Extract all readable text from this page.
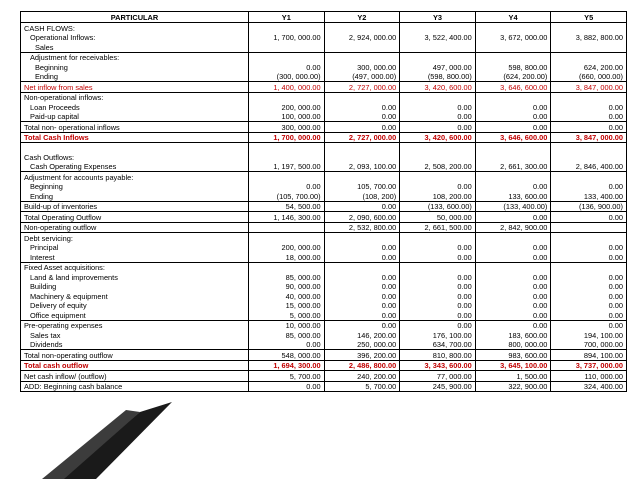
PARTICULAR	Y1	Y2	Y3	Y4	Y5
CASH FLOWS:					
Operational Inflows:	1, 700, 000.00	2, 924, 000.00	3, 522, 400.00	3, 672, 000.00	3, 882, 800.00
Sales					
Adjustment for receivables:					
Beginning	0.00	300, 000.00	497, 000.00	598, 800.00	624, 200.00
Ending	(300, 000.00)	(497, 000.00)	(598, 800.00)	(624, 200.00)	(660, 000.00)
Net inflow from sales	1, 400, 000.00	2, 727, 000.00	3, 420, 600.00	3, 646, 600.00	3, 847, 000.00
Non-operational inflows:					
Loan Proceeds	200, 000.00	0.00	0.00	0.00	0.00
Paid-up capital	100, 000.00	0.00	0.00	0.00	0.00
Total non- operational inflows	300, 000.00	0.00	0.00	0.00	0.00
Total Cash Inflows	1, 700, 000.00	2, 727, 000.00	3, 420, 600.00	3, 646, 600.00	3, 847, 000.00

Cash Outflows:					
Cash Operating Expenses	1, 197, 500.00	2, 093, 100.00	2, 508, 200.00	2, 661, 300.00	2, 846, 400.00
Adjustment for accounts payable:					
Beginning	0.00	105, 700.00	0.00	0.00	0.00
Ending	(105, 700.00)	(108, 200)	108, 200.00	133, 600.00	133, 400.00
Build-up of inventories	54, 500.00	0.00	(133, 600.00)	(133, 400.00)	(136, 900.00)
Total Operating Outflow	1, 146, 300.00	2, 090, 600.00	50, 000.00	0.00	0.00
Non-operating outflow		2, 532, 800.00	2, 661, 500.00	2, 842, 900.00	
Debt servicing:					
Principal	200, 000.00	0.00	0.00	0.00	0.00
Interest	18, 000.00	0.00	0.00	0.00	0.00
Fixed Asset acquisitions:					
Land & land improvements	85, 000.00	0.00	0.00	0.00	0.00
Building	90, 000.00	0.00	0.00	0.00	0.00
Machinery & equipment	40, 000.00	0.00	0.00	0.00	0.00
Delivery of equity	15, 000.00	0.00	0.00	0.00	0.00
Office equipment	5, 000.00	0.00	0.00	0.00	0.00
Pre-operating expenses	10, 000.00	0.00	0.00	0.00	0.00
Sales tax	85, 000.00	146, 200.00	176, 100.00	183, 600.00	194, 100.00
Dividends	0.00	250, 000.00	634, 700.00	800, 000.00	700, 000.00
Total non-operating outflow	548, 000.00	396, 200.00	810, 800.00	983, 600.00	894, 100.00
Total cash outflow	1, 694, 300.00	2, 486, 800.00	3, 343, 600.00	3, 645, 100.00	3, 737, 000.00
Net cash inflow/ (outflow)	5, 700.00	240, 200.00	77, 000.00	1, 500.00	110, 000.00
ADD: Beginning cash balance	0.00	5, 700.00	245, 900.00	322, 900.00	324, 400.00
